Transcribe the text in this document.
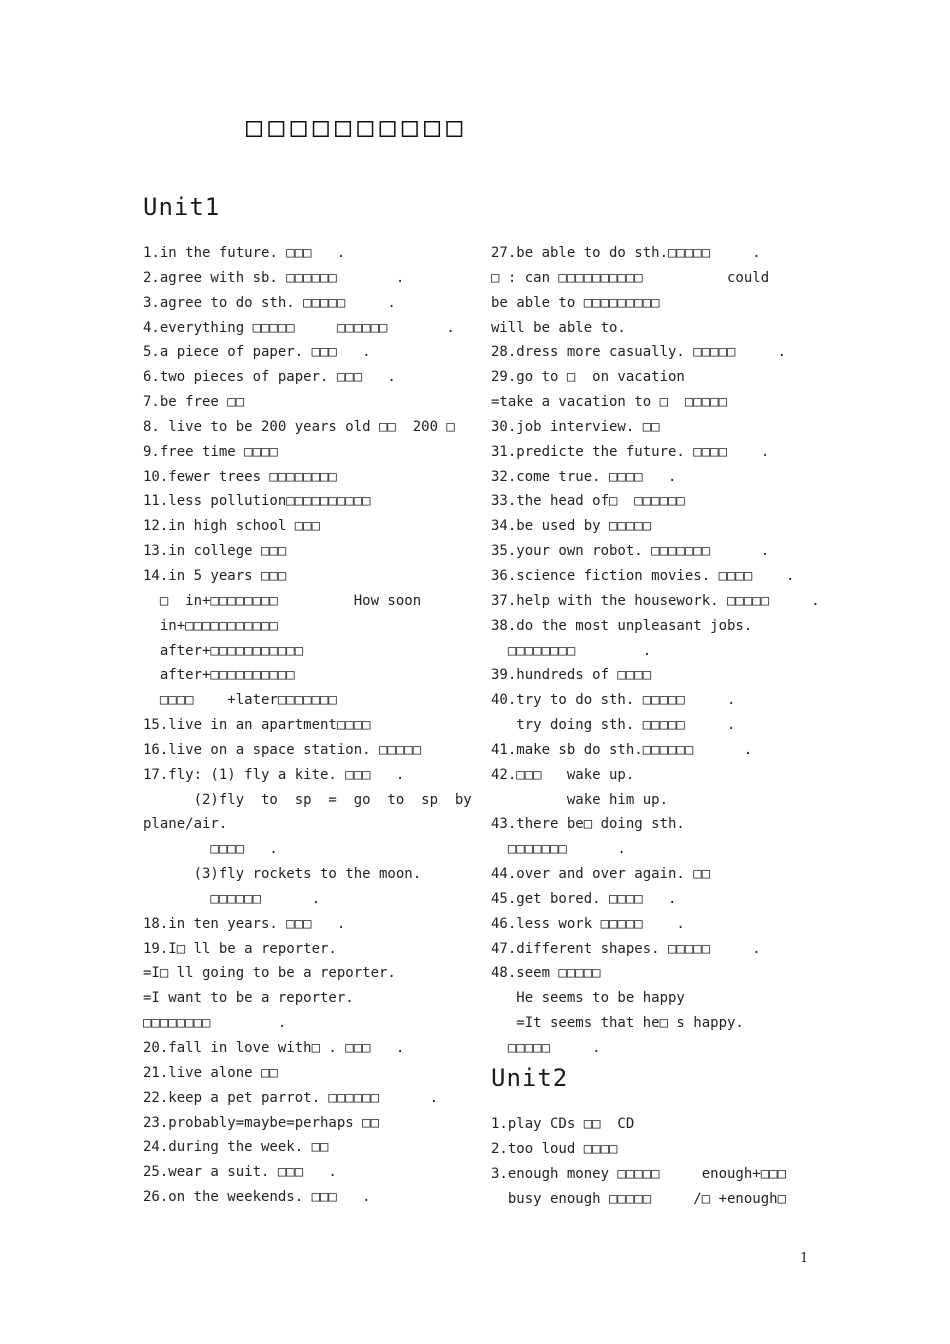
□□□□□□□□□□
Unit1
1.in the future. □□□   .
2.agree with sb. □□□□□□       .
3.agree to do sth. □□□□□     .
4.everything □□□□□     □□□□□□       .
5.a piece of paper. □□□   .
6.two pieces of paper. □□□   .
7.be free □□
8. live to be 200 years old □□  200 □
9.free time □□□□
10.fewer trees □□□□□□□□
11.less pollution□□□□□□□□□□
12.in high school □□□
13.in college □□□
14.in 5 years □□□
□  in+□□□□□□□□         How soon
in+□□□□□□□□□□□
after+□□□□□□□□□□□
after+□□□□□□□□□□
□□□□    +later□□□□□□□
15.live in an apartment□□□□
16.live on a space station. □□□□□
17.fly: (1) fly a kite. □□□   .
(2)fly  to  sp  =  go  to  sp  by
plane/air.
□□□□   .
(3)fly rockets to the moon.
□□□□□□      .
18.in ten years. □□□   .
19.I□ ll be a reporter.
=I□ ll going to be a reporter.
=I want to be a reporter.
□□□□□□□□        .
20.fall in love with□ . □□□   .
21.live alone □□
22.keep a pet parrot. □□□□□□      .
23.probably=maybe=perhaps □□
24.during the week. □□
25.wear a suit. □□□   .
26.on the weekends. □□□   .
27.be able to do sth.□□□□□     .
□ : can □□□□□□□□□□          could
be able to □□□□□□□□□
will be able to.
28.dress more casually. □□□□□     .
29.go to □  on vacation
=take a vacation to □  □□□□□
30.job interview. □□
31.predicte the future. □□□□    .
32.come true. □□□□   .
33.the head of□  □□□□□□
34.be used by □□□□□
35.your own robot. □□□□□□□      .
36.science fiction movies. □□□□    .
37.help with the housework. □□□□□     .
38.do the most unpleasant jobs.
□□□□□□□□        .
39.hundreds of □□□□
40.try to do sth. □□□□□     .
try doing sth. □□□□□     .
41.make sb do sth.□□□□□□      .
42.□□□   wake up.
wake him up.
43.there be□ doing sth.
□□□□□□□      .
44.over and over again. □□
45.get bored. □□□□   .
46.less work □□□□□    .
47.different shapes. □□□□□     .
48.seem □□□□□
He seems to be happy
=It seems that he□ s happy.
□□□□□     .
Unit2
1.play CDs □□  CD
2.too loud □□□□
3.enough money □□□□□     enough+□□□
busy enough □□□□□     /□ +enough□
1
